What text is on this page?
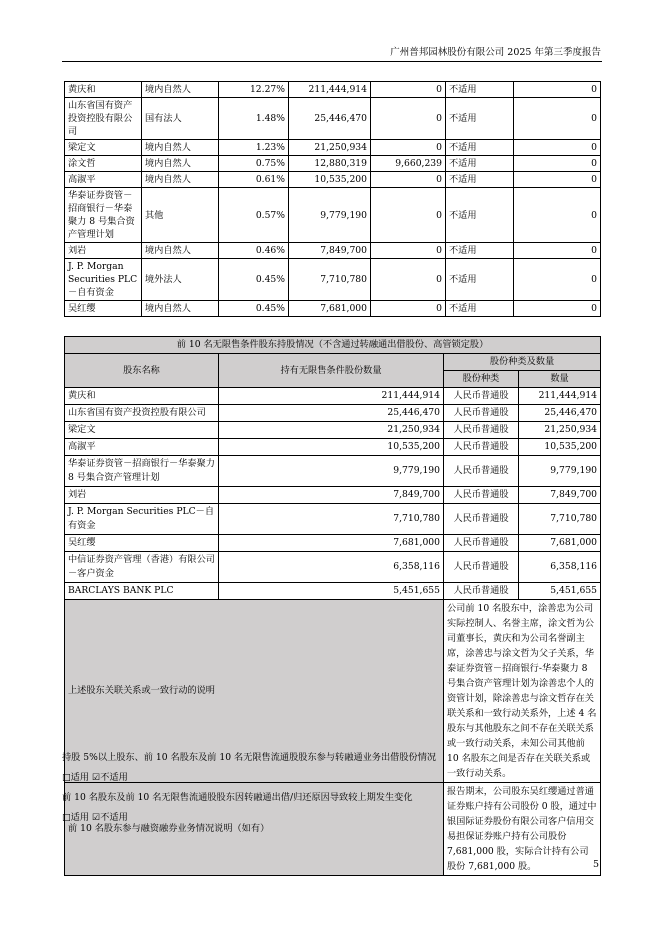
广州普邦园林股份有限公司 2025 年第三季度报告
黄庆和	境内自然人	12.27%	211,444,914	0	不适用	0
山东省国有资产投资控股有限公司	国有法人	1.48%	25,446,470	0	不适用	0
梁定文	境内自然人	1.23%	21,250,934	0	不适用	0
涂文哲	境内自然人	0.75%	12,880,319	9,660,239	不适用	0
高淑平	境内自然人	0.61%	10,535,200	0	不适用	0
华泰证券资管－招商银行－华泰聚力 8 号集合资产管理计划	其他	0.57%	9,779,190	0	不适用	0
刘岩	境内自然人	0.46%	7,849,700	0	不适用	0
J. P. Morgan Securities PLC－自有资金	境外法人	0.45%	7,710,780	0	不适用	0
吴红缨	境内自然人	0.45%	7,681,000	0	不适用	0
前 10 名无限售条件股东持股情况（不含通过转融通出借股份、高管锁定股）			
股东名称	持有无限售条件股份数量	股份种类及数量	
		股份种类	数量
黄庆和	211,444,914	人民币普通股	211,444,914
山东省国有资产投资控股有限公司	25,446,470	人民币普通股	25,446,470
梁定文	21,250,934	人民币普通股	21,250,934
高淑平	10,535,200	人民币普通股	10,535,200
华泰证券资管－招商银行－华泰聚力 8 号集合资产管理计划	9,779,190	人民币普通股	9,779,190
刘岩	7,849,700	人民币普通股	7,849,700
J. P. Morgan Securities PLC－自有资金	7,710,780	人民币普通股	7,710,780
吴红缨	7,681,000	人民币普通股	7,681,000
中信证券资产管理（香港）有限公司－客户资金	6,358,116	人民币普通股	6,358,116
BARCLAYS BANK PLC	5,451,655	人民币普通股	5,451,655
上述股东关联关系或一致行动的说明		公司前 10 名股东中，涂善忠为公司实际控制人、名誉主席，涂文哲为公司董事长，黄庆和为公司名誉副主席，涂善忠与涂文哲为父子关系，华泰证券资管－招商银行-华泰聚力 8 号集合资产管理计划为涂善忠个人的资管计划，除涂善忠与涂文哲存在关联关系和一致行动关系外，上述 4 名股东与其他股东之间不存在关联关系或一致行动关系，未知公司其他前 10 名股东之间是否存在关联关系或一致行动关系。	
前 10 名股东参与融资融券业务情况说明（如有）		报告期末，公司股东吴红缨通过普通证券账户持有公司股份 0 股，通过中银国际证券股份有限公司客户信用交易担保证券账户持有公司股份 7,681,000 股，实际合计持有公司股份 7,681,000 股。	
持股 5%以上股东、前 10 名股东及前 10 名无限售流通股股东参与转融通业务出借股份情况
□适用 ☑不适用
前 10 名股东及前 10 名无限售流通股股东因转融通出借/归还原因导致较上期发生变化
□适用 ☑不适用
5
